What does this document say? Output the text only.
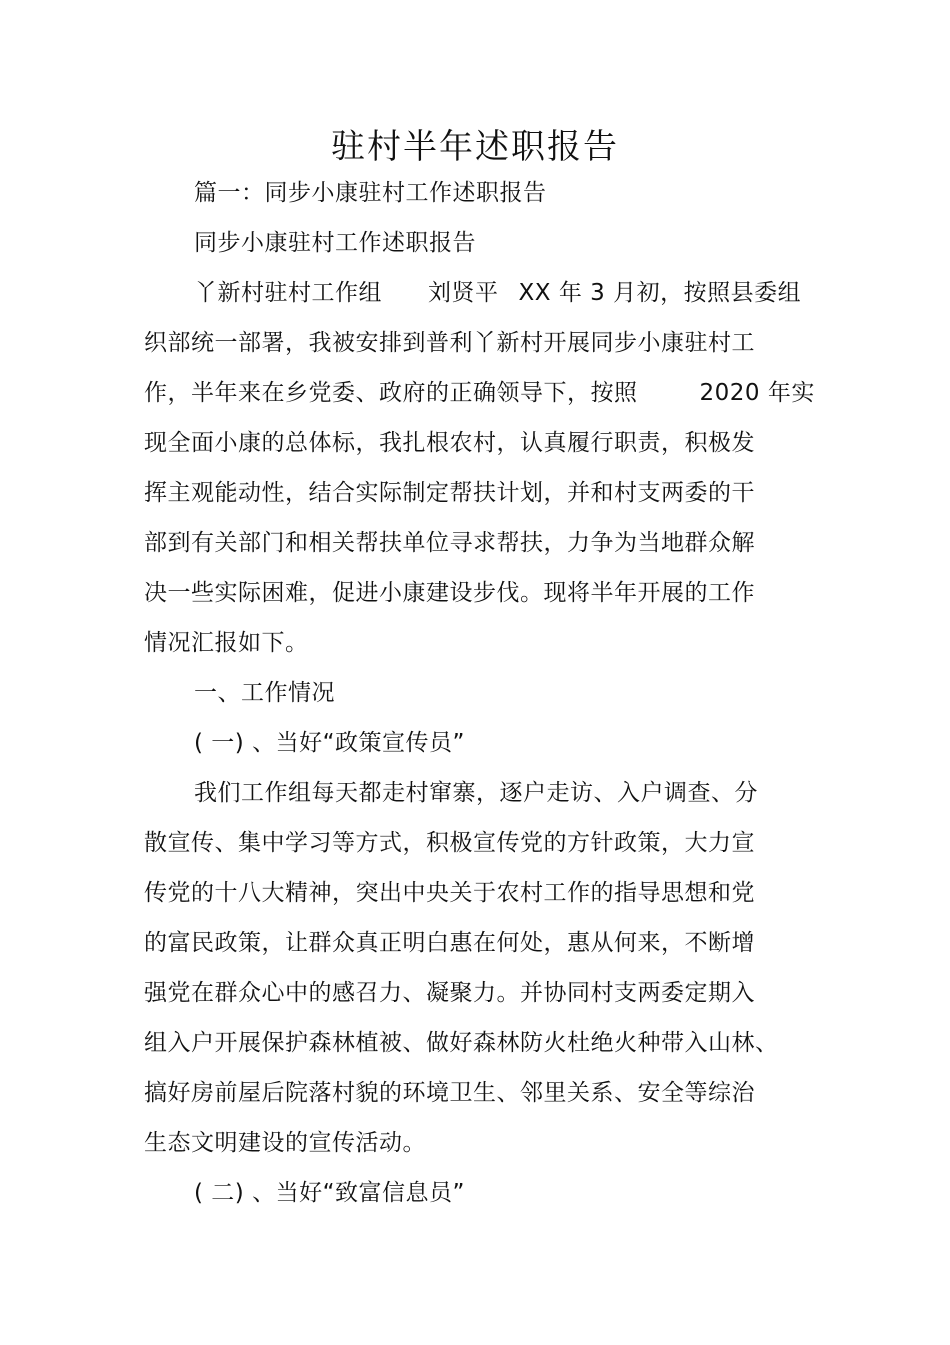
驻村半年述职报告
篇一：同步小康驻村工作述职报告
同步小康驻村工作述职报告
丫新村驻村工作组 刘贤平 XX 年 3 月初，按照县委组
织部统一部署，我被安排到普利丫新村开展同步小康驻村工
作，半年来在乡党委、政府的正确领导下，按照	2020 年实
现全面小康的总体标，我扎根农村，认真履行职责，积极发
挥主观能动性，结合实际制定帮扶计划，并和村支两委的干
部到有关部门和相关帮扶单位寻求帮扶，力争为当地群众解
决一些实际困难，促进小康建设步伐。现将半年开展的工作
情况汇报如下。
一、工作情况
( 一) 、当好“政策宣传员”
我们工作组每天都走村窜寨，逐户走访、入户调查、分
散宣传、集中学习等方式，积极宣传党的方针政策，大力宣
传党的十八大精神，突出中央关于农村工作的指导思想和党
的富民政策，让群众真正明白惠在何处，惠从何来，不断增
强党在群众心中的感召力、凝聚力。并协同村支两委定期入
组入户开展保护森林植被、做好森林防火杜绝火种带入山林、
搞好房前屋后院落村貌的环境卫生、邻里关系、安全等综治
生态文明建设的宣传活动。
( 二) 、当好“致富信息员”
